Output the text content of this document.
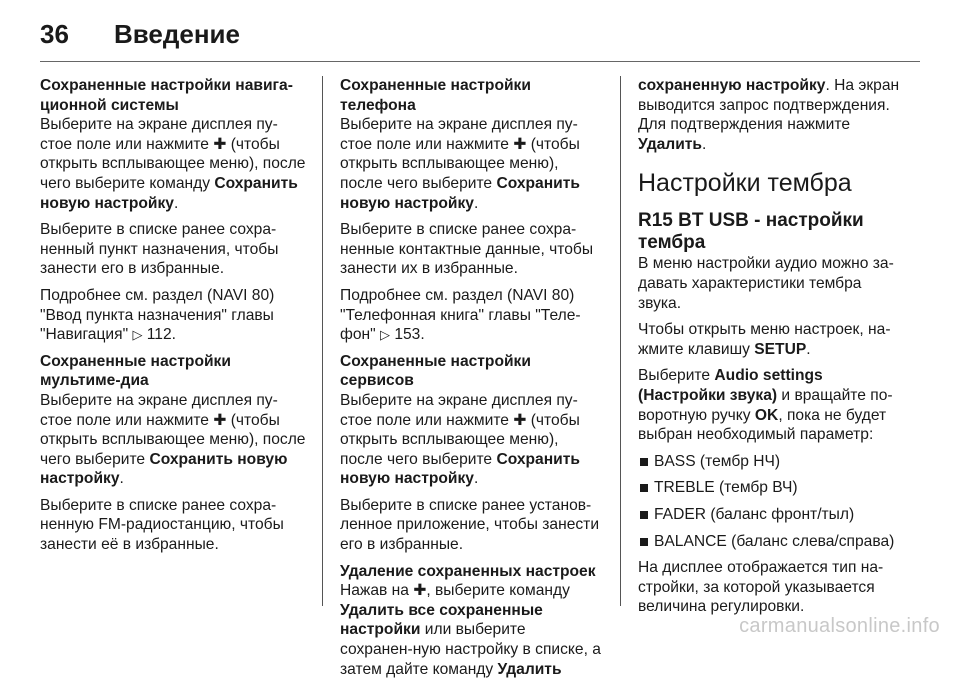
36	Введение

Сохраненные настройки навига-ционной системы

Выберите на экране дисплея пу-стое поле или нажмите ✚ (чтобы открыть всплывающее меню), после чего выберите команду Сохранить новую настройку.

Выберите в списке ранее сохра-ненный пункт назначения, чтобы занести его в избранные.

Подробнее см. раздел (NAVI 80) "Ввод пункта назначения" главы "Навигация" ▷ 112.

Сохраненные настройки мультиме-диа

Выберите на экране дисплея пу-стое поле или нажмите ✚ (чтобы открыть всплывающее меню), после чего выберите Сохранить новую настройку.

Выберите в списке ранее сохра-ненную FM-радиостанцию, чтобы занести её в избранные.

Сохраненные настройки телефона

Выберите на экране дисплея пу-стое поле или нажмите ✚ (чтобы открыть всплывающее меню), после чего выберите Сохранить новую настройку.

Выберите в списке ранее сохра-ненные контактные данные, чтобы занести их в избранные.

Подробнее см. раздел (NAVI 80) "Телефонная книга" главы "Теле-фон" ▷ 153.

Сохраненные настройки сервисов

Выберите на экране дисплея пу-стое поле или нажмите ✚ (чтобы открыть всплывающее меню), после чего выберите Сохранить новую настройку.

Выберите в списке ранее установ-ленное приложение, чтобы занести его в избранные.

Удаление сохраненных настроек

Нажав на ✚, выберите команду Удалить все сохраненные настройки или выберите сохранен-ную настройку в списке, а затем дайте команду Удалить

сохраненную настройку. На экран выводится запрос подтверждения. Для подтверждения нажмите Удалить.

Настройки тембра

R15 BT USB - настройки тембра

В меню настройки аудио можно за-давать характеристики тембра звука.

Чтобы открыть меню настроек, на-жмите клавишу SETUP.

Выберите Audio settings (Настройки звука) и вращайте по-воротную ручку OK, пока не будет выбран необходимый параметр:

BASS (тембр НЧ)
TREBLE (тембр ВЧ)
FADER (баланс фронт/тыл)
BALANCE (баланс слева/справа)

На дисплее отображается тип на-стройки, за которой указывается величина регулировки.

carmanualsonline.info
